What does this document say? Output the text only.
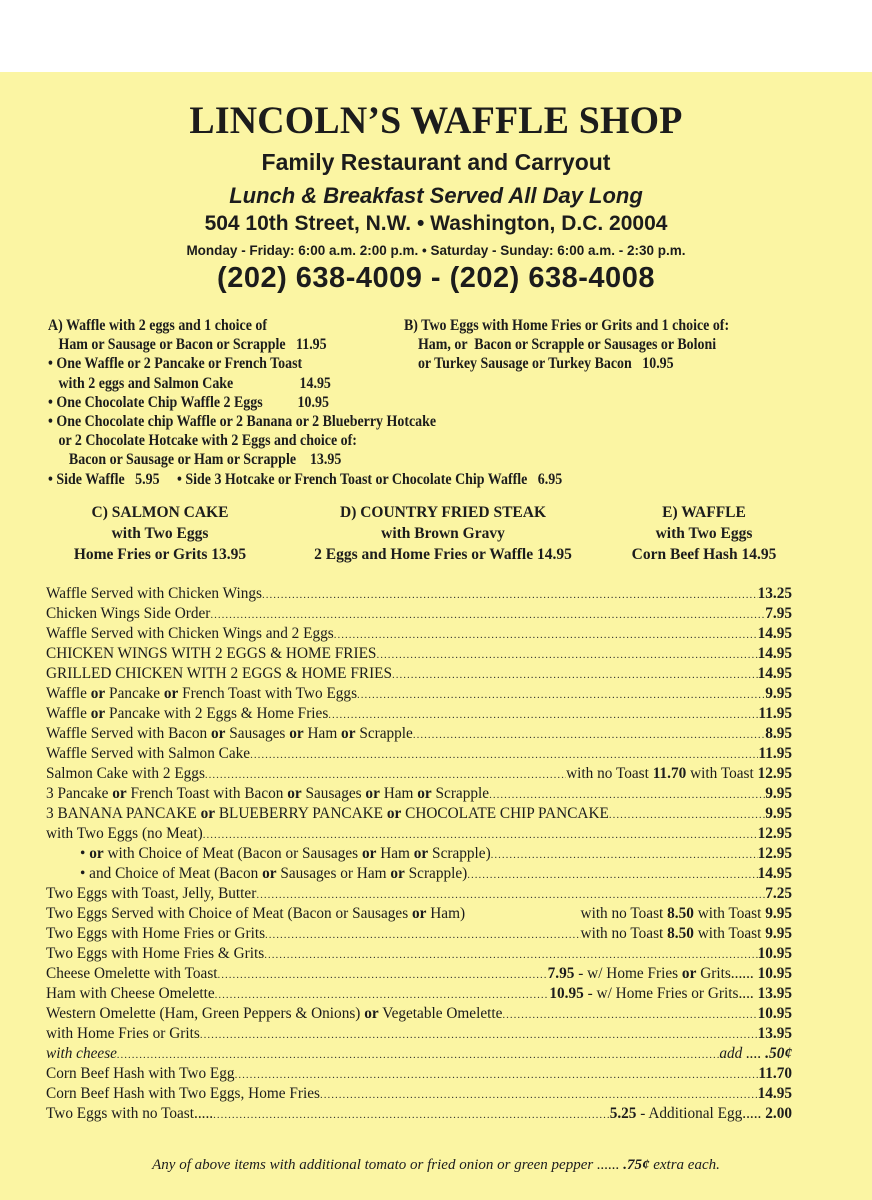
LINCOLN’S WAFFLE SHOP
Family Restaurant and Carryout
Lunch & Breakfast Served All Day Long
504 10th Street, N.W. • Washington, D.C. 20004
Monday - Friday: 6:00 a.m. 2:00 p.m. • Saturday - Sunday: 6:00 a.m. - 2:30 p.m.
(202) 638-4009 - (202) 638-4008
A) Waffle with 2 eggs and 1 choice of
Ham or Sausage or Bacon or Scrapple   11.95
• One Waffle or 2 Pancake or French Toast
with 2 eggs and Salmon Cake                   14.95
• One Chocolate Chip Waffle 2 Eggs          10.95
• One Chocolate chip Waffle or 2 Banana or 2 Blueberry Hotcake
or 2 Chocolate Hotcake with 2 Eggs and choice of:
Bacon or Sausage or Ham or Scrapple    13.95
• Side Waffle   5.95     • Side 3 Hotcake or French Toast or Chocolate Chip Waffle   6.95
B) Two Eggs with Home Fries or Grits and 1 choice of:
Ham, or  Bacon or Scrapple or Sausages or Boloni
or Turkey Sausage or Turkey Bacon   10.95
C) SALMON CAKE
with Two Eggs
Home Fries or Grits 13.95
D) COUNTRY FRIED STEAK
with Brown Gravy
2 Eggs and Home Fries or Waffle 14.95
E) WAFFLE
with Two Eggs
Corn Beef Hash 14.95
Waffle Served with Chicken Wings .....	13.25
Chicken Wings Side Order .....	7.95
Waffle Served with Chicken Wings and 2 Eggs .....	14.95
CHICKEN WINGS WITH 2 EGGS & HOME FRIES .....	14.95
GRILLED CHICKEN WITH 2 EGGS & HOME FRIES .....	14.95
Waffle or Pancake or French Toast with Two Eggs .....	9.95
Waffle or Pancake with 2 Eggs & Home Fries .....	11.95
Waffle Served with Bacon or Sausages or Ham or Scrapple .....	8.95
Waffle Served with Salmon Cake .....	11.95
Salmon Cake with 2 Eggs .....	with no Toast 11.70 with Toast 12.95
3 Pancake or French Toast with Bacon or Sausages or Ham or Scrapple .....	9.95
3 BANANA PANCAKE or BLUEBERRY PANCAKE or CHOCOLATE CHIP PANCAKE .....	9.95
with Two Eggs (no Meat) .....	12.95
• or with Choice of Meat (Bacon or Sausages or Ham or Scrapple) .....	12.95
• and Choice of Meat (Bacon or Sausages or Ham or Scrapple) .....	14.95
Two Eggs with Toast, Jelly, Butter .....	7.25
Two Eggs Served with Choice of Meat (Bacon or Sausages or Ham)	with no Toast 8.50 with Toast 9.95
Two Eggs with Home Fries or Grits .....	with no Toast 8.50 with Toast 9.95
Two Eggs with Home Fries & Grits .....	10.95
Cheese Omelette with Toast .....	7.95 - w/ Home Fries or Grits...... 10.95
Ham with Cheese Omelette .....	10.95 - w/ Home Fries or Grits.... 13.95
Western Omelette (Ham, Green Peppers & Onions) or Vegetable Omelette .....	10.95
with Home Fries or Grits .....	13.95
with cheese .....	add .... .50¢
Corn Beef Hash with Two Egg .....	11.70
Corn Beef Hash with Two Eggs, Home Fries .....	14.95
Two Eggs with no Toast..... .....	5.25 - Additional Egg..... 2.00
Any of above items with additional tomato or fried onion or green pepper ...... .75¢ extra each.
